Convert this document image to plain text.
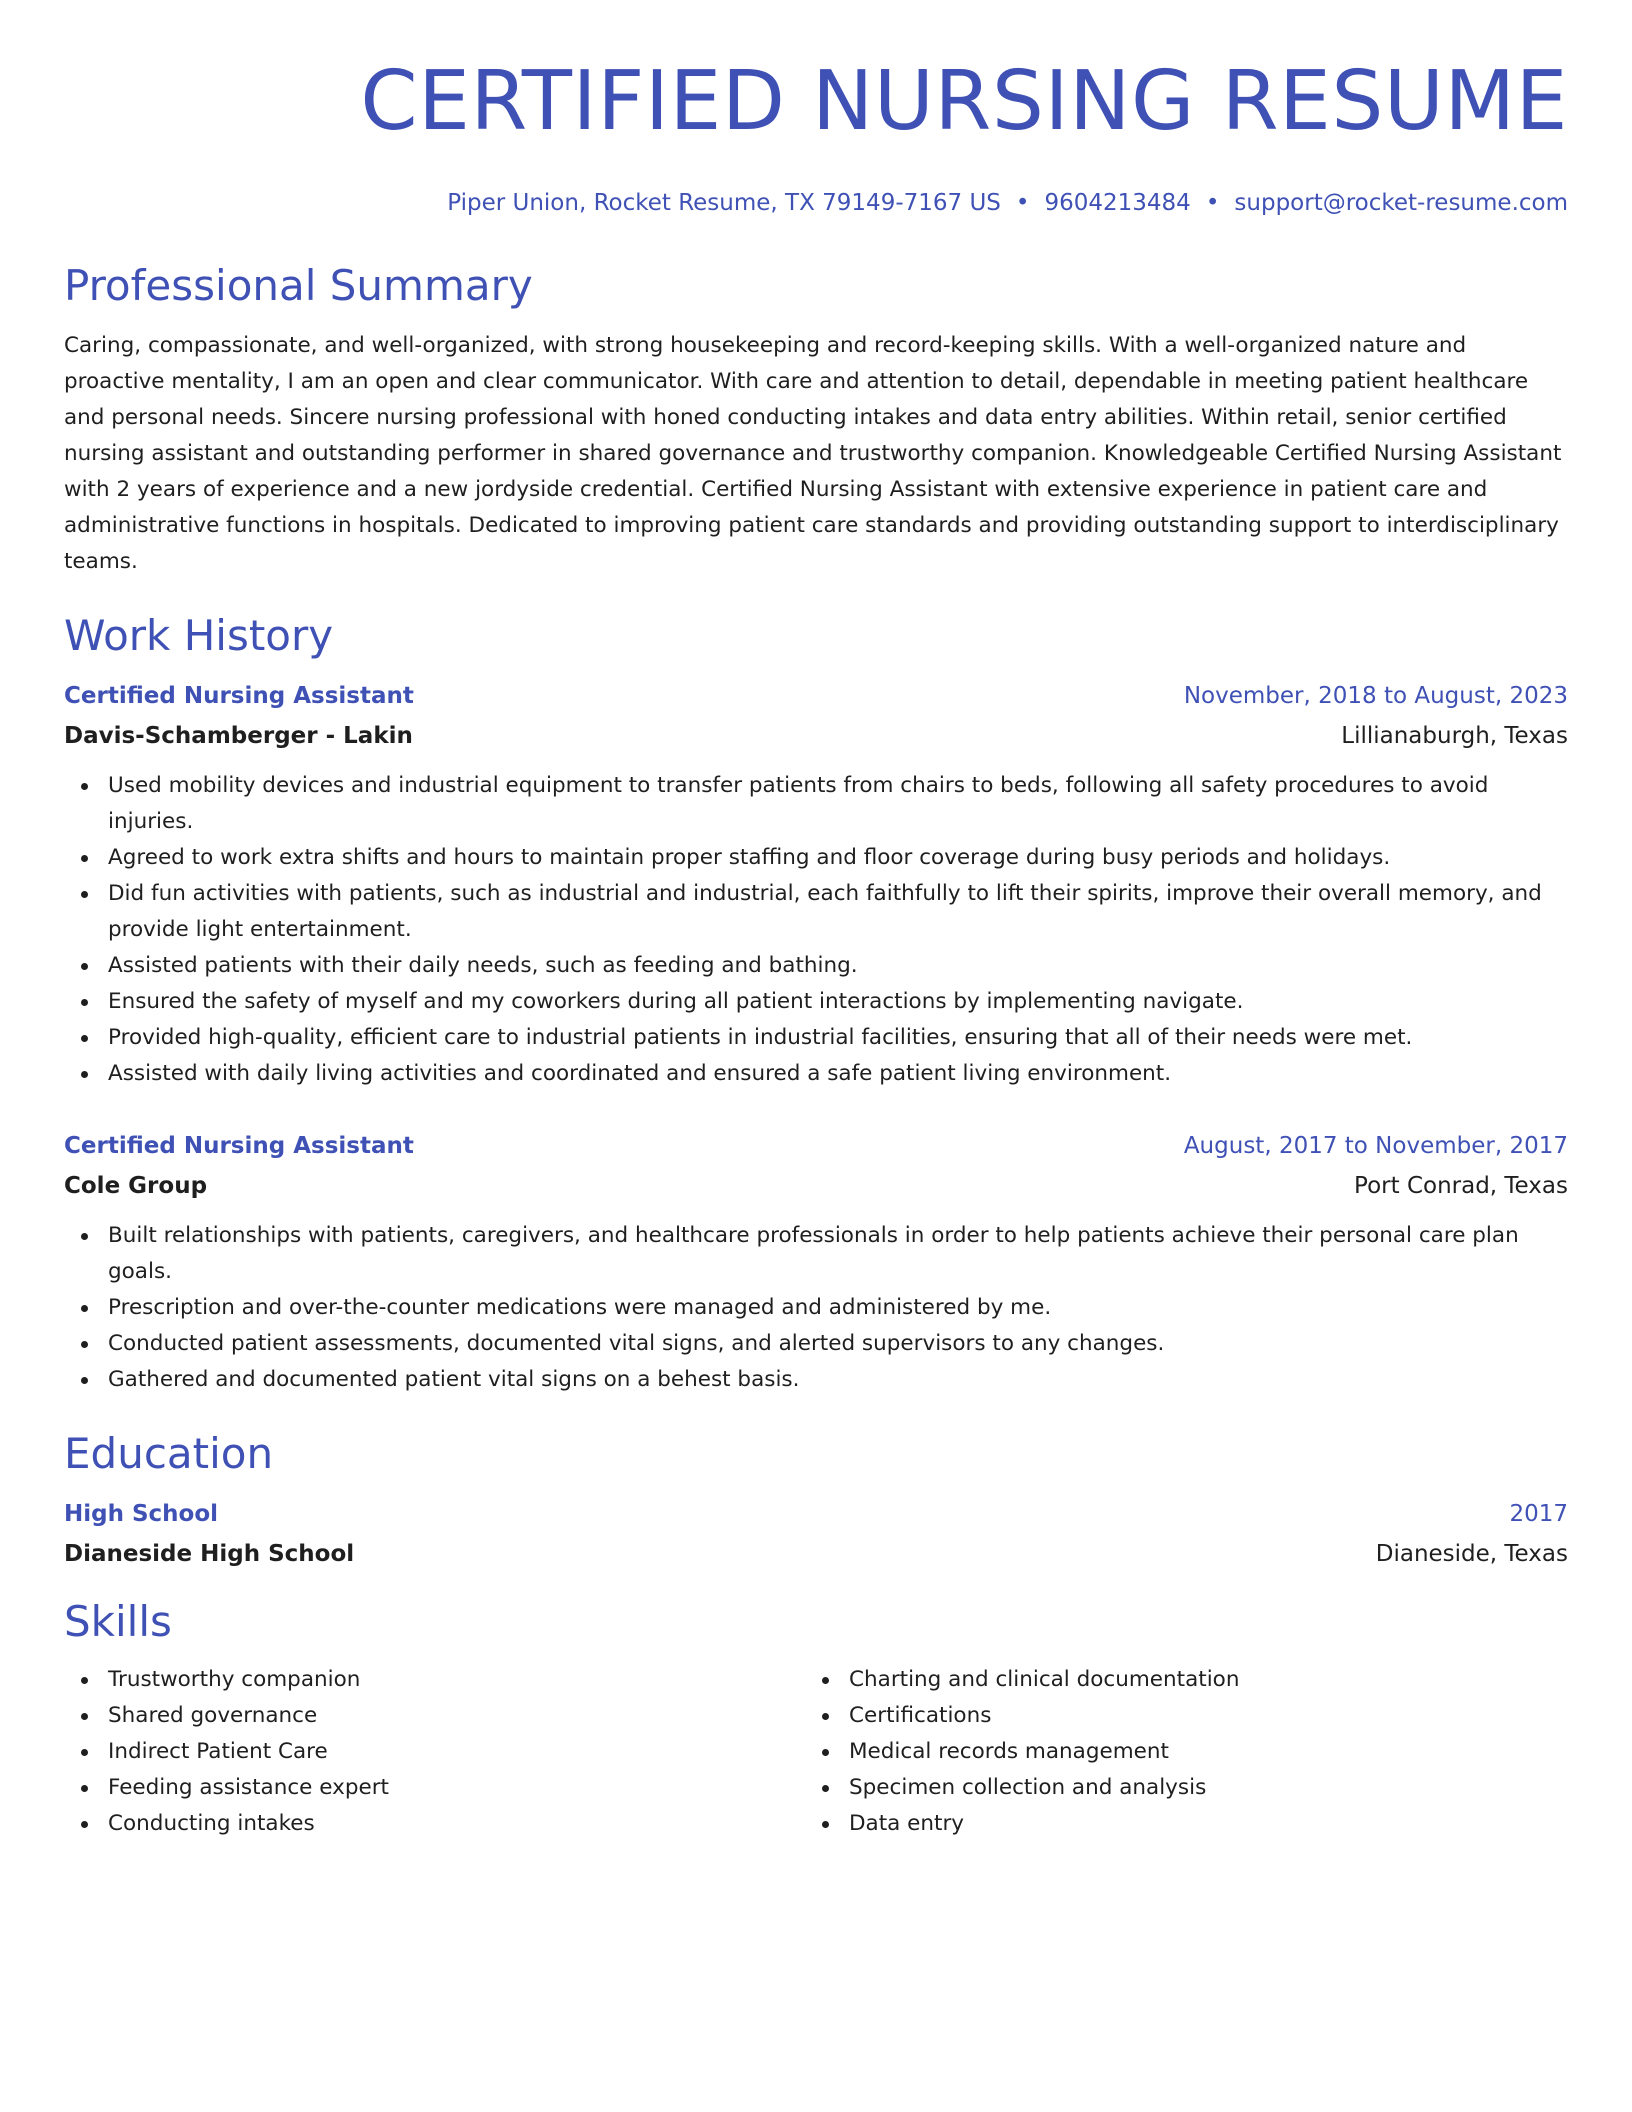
CERTIFIED NURSING RESUME
Piper Union, Rocket Resume, TX 79149-7167 US • 9604213484 • support@rocket-resume.com
Professional Summary

Caring, compassionate, and well-organized, with strong housekeeping and record-keeping skills. With a well-organized nature and proactive mentality, I am an open and clear communicator. With care and attention to detail, dependable in meeting patient healthcare and personal needs. Sincere nursing professional with honed conducting intakes and data entry abilities. Within retail, senior certified nursing assistant and outstanding performer in shared governance and trustworthy companion. Knowledgeable Certified Nursing Assistant with 2 years of experience and a new jordyside credential. Certified Nursing Assistant with extensive experience in patient care and administrative functions in hospitals. Dedicated to improving patient care standards and providing outstanding support to interdisciplinary teams.

Work History
Certified Nursing Assistant	November, 2018 to August, 2023
Davis-Schamberger - Lakin	Lillianaburgh, Texas
Used mobility devices and industrial equipment to transfer patients from chairs to beds, following all safety procedures to avoid injuries.
Agreed to work extra shifts and hours to maintain proper staffing and floor coverage during busy periods and holidays.
Did fun activities with patients, such as industrial and industrial, each faithfully to lift their spirits, improve their overall memory, and provide light entertainment.
Assisted patients with their daily needs, such as feeding and bathing.
Ensured the safety of myself and my coworkers during all patient interactions by implementing navigate.
Provided high-quality, efficient care to industrial patients in industrial facilities, ensuring that all of their needs were met.
Assisted with daily living activities and coordinated and ensured a safe patient living environment.
Certified Nursing Assistant	August, 2017 to November, 2017
Cole Group	Port Conrad, Texas
Built relationships with patients, caregivers, and healthcare professionals in order to help patients achieve their personal care plan goals.
Prescription and over-the-counter medications were managed and administered by me.
Conducted patient assessments, documented vital signs, and alerted supervisors to any changes.
Gathered and documented patient vital signs on a behest basis.
Education
High School	2017
Dianeside High School	Dianeside, Texas
Skills
Trustworthy companion
Shared governance
Indirect Patient Care
Feeding assistance expert
Conducting intakes
Charting and clinical documentation
Certifications
Medical records management
Specimen collection and analysis
Data entry
